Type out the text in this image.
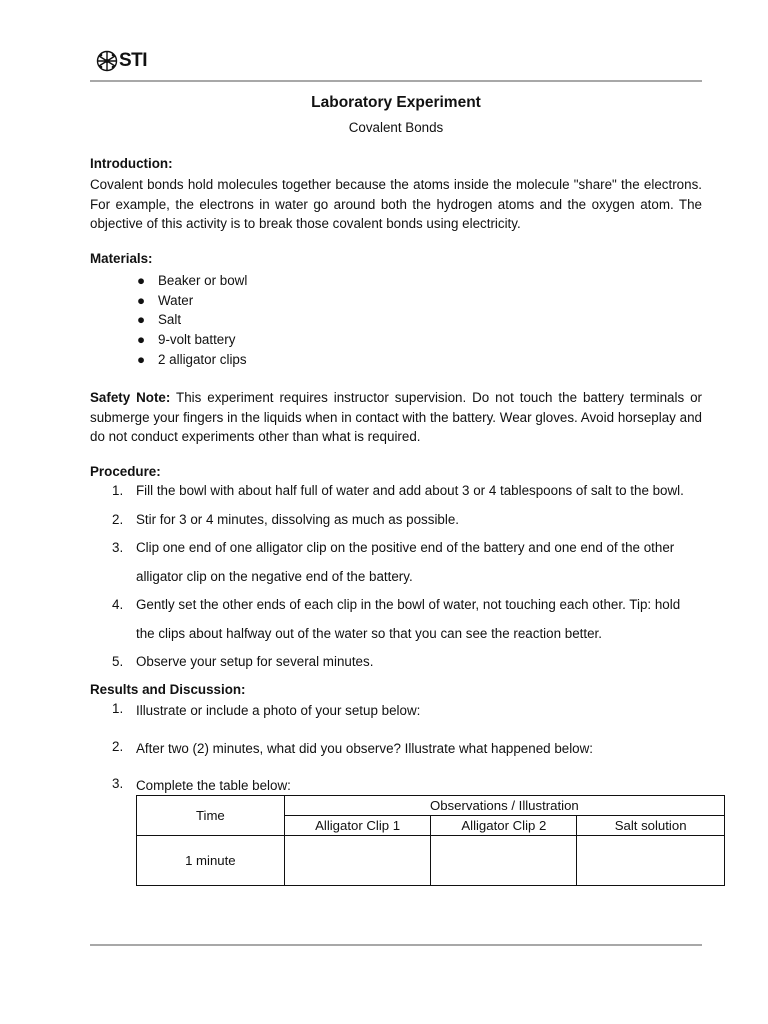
STI
Laboratory Experiment
Covalent Bonds
Introduction:
Covalent bonds hold molecules together because the atoms inside the molecule "share" the electrons. For example, the electrons in water go around both the hydrogen atoms and the oxygen atom. The objective of this activity is to break those covalent bonds using electricity.
Materials:
● Beaker or bowl
● Water
● Salt
● 9-volt battery
● 2 alligator clips
Safety Note: This experiment requires instructor supervision. Do not touch the battery terminals or submerge your fingers in the liquids when in contact with the battery. Wear gloves. Avoid horseplay and do not conduct experiments other than what is required.
Procedure:
1. Fill the bowl with about half full of water and add about 3 or 4 tablespoons of salt to the bowl.
2. Stir for 3 or 4 minutes, dissolving as much as possible.
3. Clip one end of one alligator clip on the positive end of the battery and one end of the other alligator clip on the negative end of the battery.
4. Gently set the other ends of each clip in the bowl of water, not touching each other. Tip: hold the clips about halfway out of the water so that you can see the reaction better.
5. Observe your setup for several minutes.
Results and Discussion:
1. Illustrate or include a photo of your setup below:
2. After two (2) minutes, what did you observe? Illustrate what happened below:
3. Complete the table below:
Time	Observations / Illustration		
	Alligator Clip 1	Alligator Clip 2	Salt solution
1 minute			
